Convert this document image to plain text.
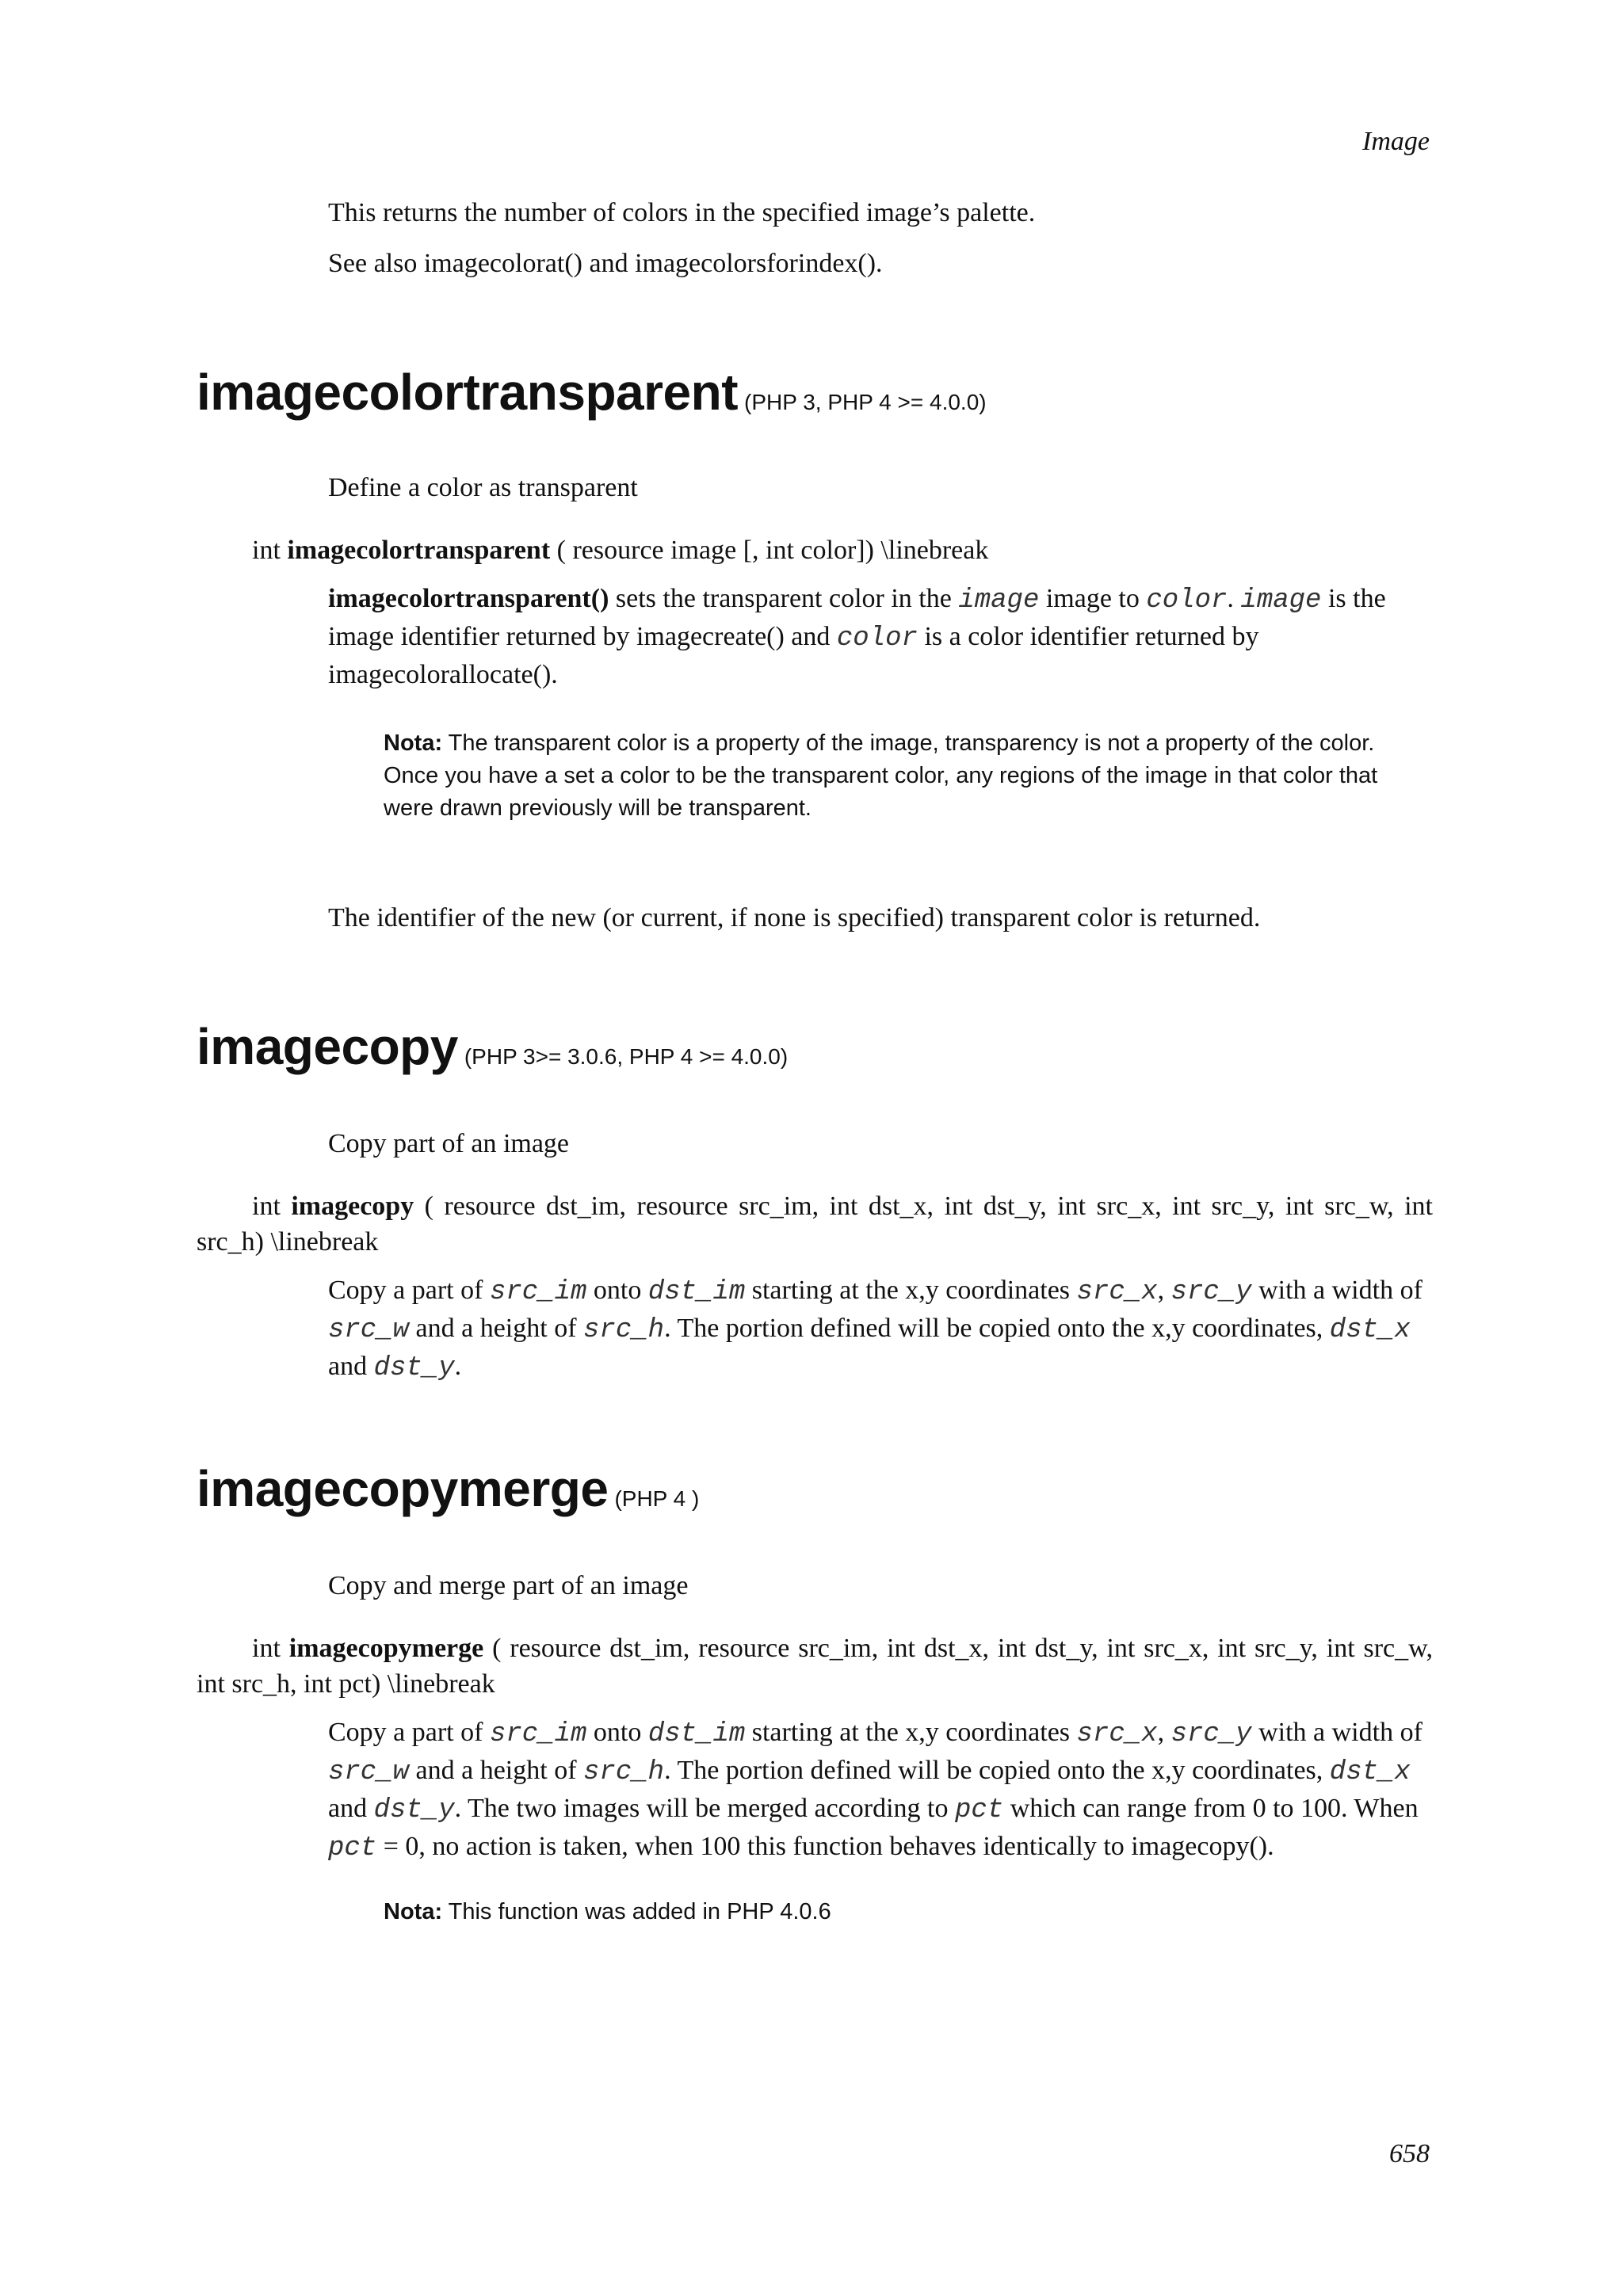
Image
This returns the number of colors in the specified image’s palette.
See also imagecolorat() and imagecolorsforindex().
imagecolortransparent (PHP 3, PHP 4 >= 4.0.0)
Define a color as transparent
int imagecolortransparent ( resource image [, int color]) \linebreak
imagecolortransparent() sets the transparent color in the image image to color. image is the image identifier returned by imagecreate() and color is a color identifier returned by imagecolorallocate().
Nota: The transparent color is a property of the image, transparency is not a property of the color. Once you have a set a color to be the transparent color, any regions of the image in that color that were drawn previously will be transparent.
The identifier of the new (or current, if none is specified) transparent color is returned.
imagecopy (PHP 3>= 3.0.6, PHP 4 >= 4.0.0)
Copy part of an image
int imagecopy ( resource dst_im, resource src_im, int dst_x, int dst_y, int src_x, int src_y, int src_w, int src_h) \linebreak
Copy a part of src_im onto dst_im starting at the x,y coordinates src_x, src_y with a width of src_w and a height of src_h. The portion defined will be copied onto the x,y coordinates, dst_x and dst_y.
imagecopymerge (PHP 4 )
Copy and merge part of an image
int imagecopymerge ( resource dst_im, resource src_im, int dst_x, int dst_y, int src_x, int src_y, int src_w, int src_h, int pct) \linebreak
Copy a part of src_im onto dst_im starting at the x,y coordinates src_x, src_y with a width of src_w and a height of src_h. The portion defined will be copied onto the x,y coordinates, dst_x and dst_y. The two images will be merged according to pct which can range from 0 to 100. When pct = 0, no action is taken, when 100 this function behaves identically to imagecopy().
Nota: This function was added in PHP 4.0.6
658
